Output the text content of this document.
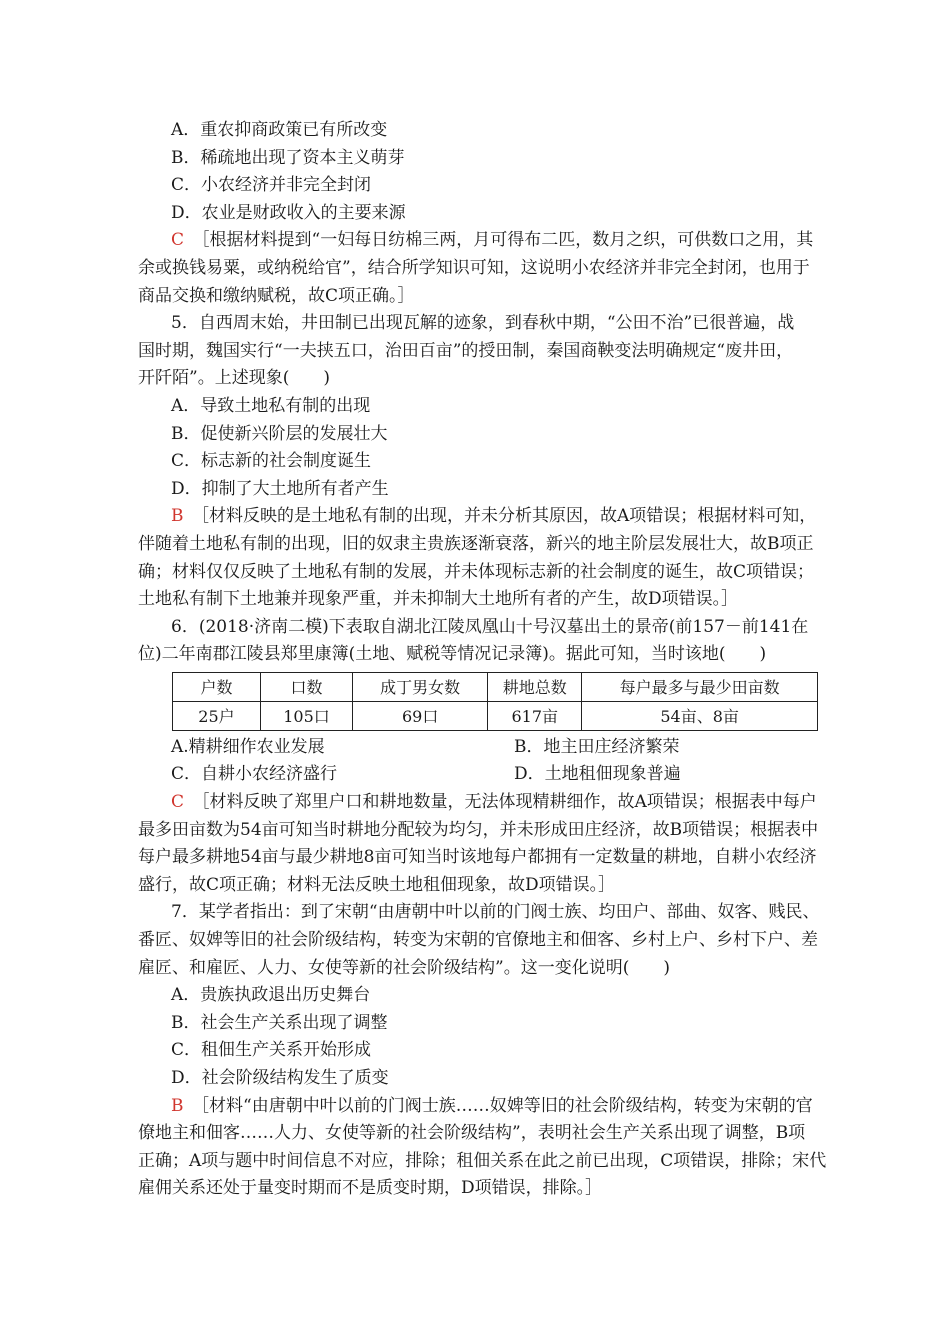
A．重农抑商政策已有所改变
B．稀疏地出现了资本主义萌芽
C．小农经济并非完全封闭
D．农业是财政收入的主要来源
C　 ［根据材料提到“一妇每日纺棉三两，月可得布二匹，数月之织，可供数口之用，其
余或换钱易粟，或纳税给官”，结合所学知识可知，这说明小农经济并非完全封闭，也用于
商品交换和缴纳赋税，故C项正确。］
5．自西周末始，井田制已出现瓦解的迹象，到春秋中期，“公田不治”已很普遍，战
国时期，魏国实行“一夫挟五口，治田百亩”的授田制，秦国商鞅变法明确规定“废井田，
开阡陌”。上述现象(　　)
A．导致土地私有制的出现
B．促使新兴阶层的发展壮大
C．标志新的社会制度诞生
D．抑制了大土地所有者产生
B　 ［材料反映的是土地私有制的出现，并未分析其原因，故A项错误；根据材料可知，
伴随着土地私有制的出现，旧的奴隶主贵族逐渐衰落，新兴的地主阶层发展壮大，故B项正
确；材料仅仅反映了土地私有制的发展，并未体现标志新的社会制度的诞生，故C项错误；
土地私有制下土地兼并现象严重，并未抑制大土地所有者的产生，故D项错误。］
6．(2018·济南二模)下表取自湖北江陵凤凰山十号汉墓出土的景帝(前157－前141在
位)二年南郡江陵县郑里康簿(土地、赋税等情况记录簿)。据此可知，当时该地(　　)
户数	口数	成丁男女数	耕地总数	每户最多与最少田亩数
25户	105口	69口	617亩	54亩、8亩
A.精耕细作农业发展	B．地主田庄经济繁荣
C．自耕小农经济盛行	D．土地租佃现象普遍
C　 ［材料反映了郑里户口和耕地数量，无法体现精耕细作，故A项错误；根据表中每户
最多田亩数为54亩可知当时耕地分配较为均匀，并未形成田庄经济，故B项错误；根据表中
每户最多耕地54亩与最少耕地8亩可知当时该地每户都拥有一定数量的耕地，自耕小农经济
盛行，故C项正确；材料无法反映土地租佃现象，故D项错误。］
7．某学者指出：到了宋朝“由唐朝中叶以前的门阀士族、均田户、部曲、奴客、贱民、
番匠、奴婢等旧的社会阶级结构，转变为宋朝的官僚地主和佃客、乡村上户、乡村下户、差
雇匠、和雇匠、人力、女使等新的社会阶级结构”。这一变化说明(　　)
A．贵族执政退出历史舞台
B．社会生产关系出现了调整
C．租佃生产关系开始形成
D．社会阶级结构发生了质变
B　 ［材料“由唐朝中叶以前的门阀士族……奴婢等旧的社会阶级结构，转变为宋朝的官
僚地主和佃客……人力、女使等新的社会阶级结构”，表明社会生产关系出现了调整，B项
正确；A项与题中时间信息不对应，排除；租佃关系在此之前已出现，C项错误，排除；宋代
雇佣关系还处于量变时期而不是质变时期，D项错误，排除。］
